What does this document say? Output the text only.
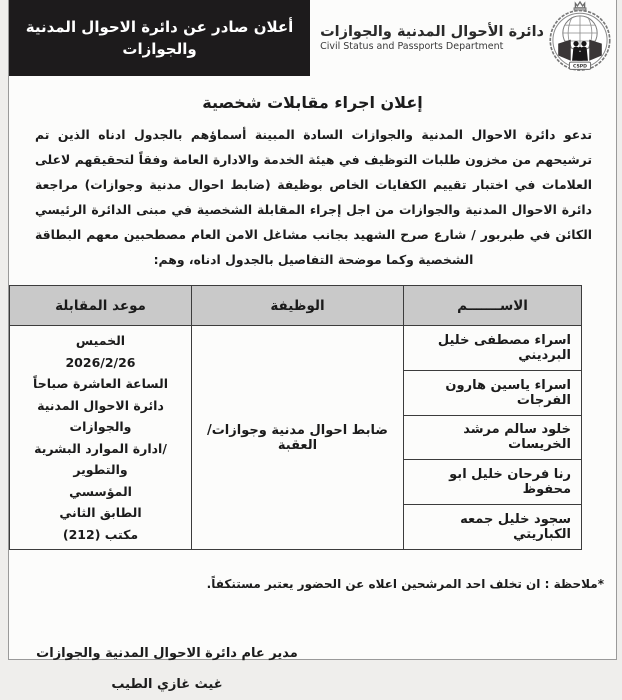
أعلان صادر عن دائرة الاحوال المدنية والجوازات
CSPD
دائرة الأحوال المدنية والجوازات
Civil Status and Passports Department
إعلان اجراء مقابلات شخصية
تدعو دائرة الاحوال المدنية والجوازات السادة المبينة أسماؤهم بالجدول ادناه الذين تم ترشيحهم من مخزون طلبات التوظيف في هيئة الخدمة والادارة العامة وفقاً لتحقيقهم لاعلى العلامات في اختبار تقييم الكفايات الخاص بوظيفة (ضابط احوال مدنية وجوازات) مراجعة دائرة الاحوال المدنية والجوازات من اجل إجراء المقابلة الشخصية في مبنى الدائرة الرئيسي الكائن في طبربور / شارع صرح الشهيد بجانب مشاغل الامن العام مصطحبين معهم البطاقة الشخصية وكما موضحة التفاصيل بالجدول ادناه، وهم:
الاســـــــم	الوظيفة	موعد المقابلة
اسراء مصطفى خليل البرديني	ضابط احوال مدنية وجوازات/ العقبة	
الخميس
2026/2/26
الساعة العاشرة صباحاً
دائرة الاحوال المدنية والجوازات
/ادارة الموارد البشرية والتطوير
المؤسسي
الطابق الثاني
مكتب (212)

اسراء ياسين هارون الفرجات		
خلود سالم مرشد الخريسات		
رنا فرحان خليل ابو محفوظ		
سجود خليل جمعه الكباريتي		
*ملاحظة : ان تخلف احد المرشحين اعلاه عن الحضور يعتبر مستنكفاً.
مدير عام دائرة الاحوال المدنية والجوازات
غيث غازي الطيب
